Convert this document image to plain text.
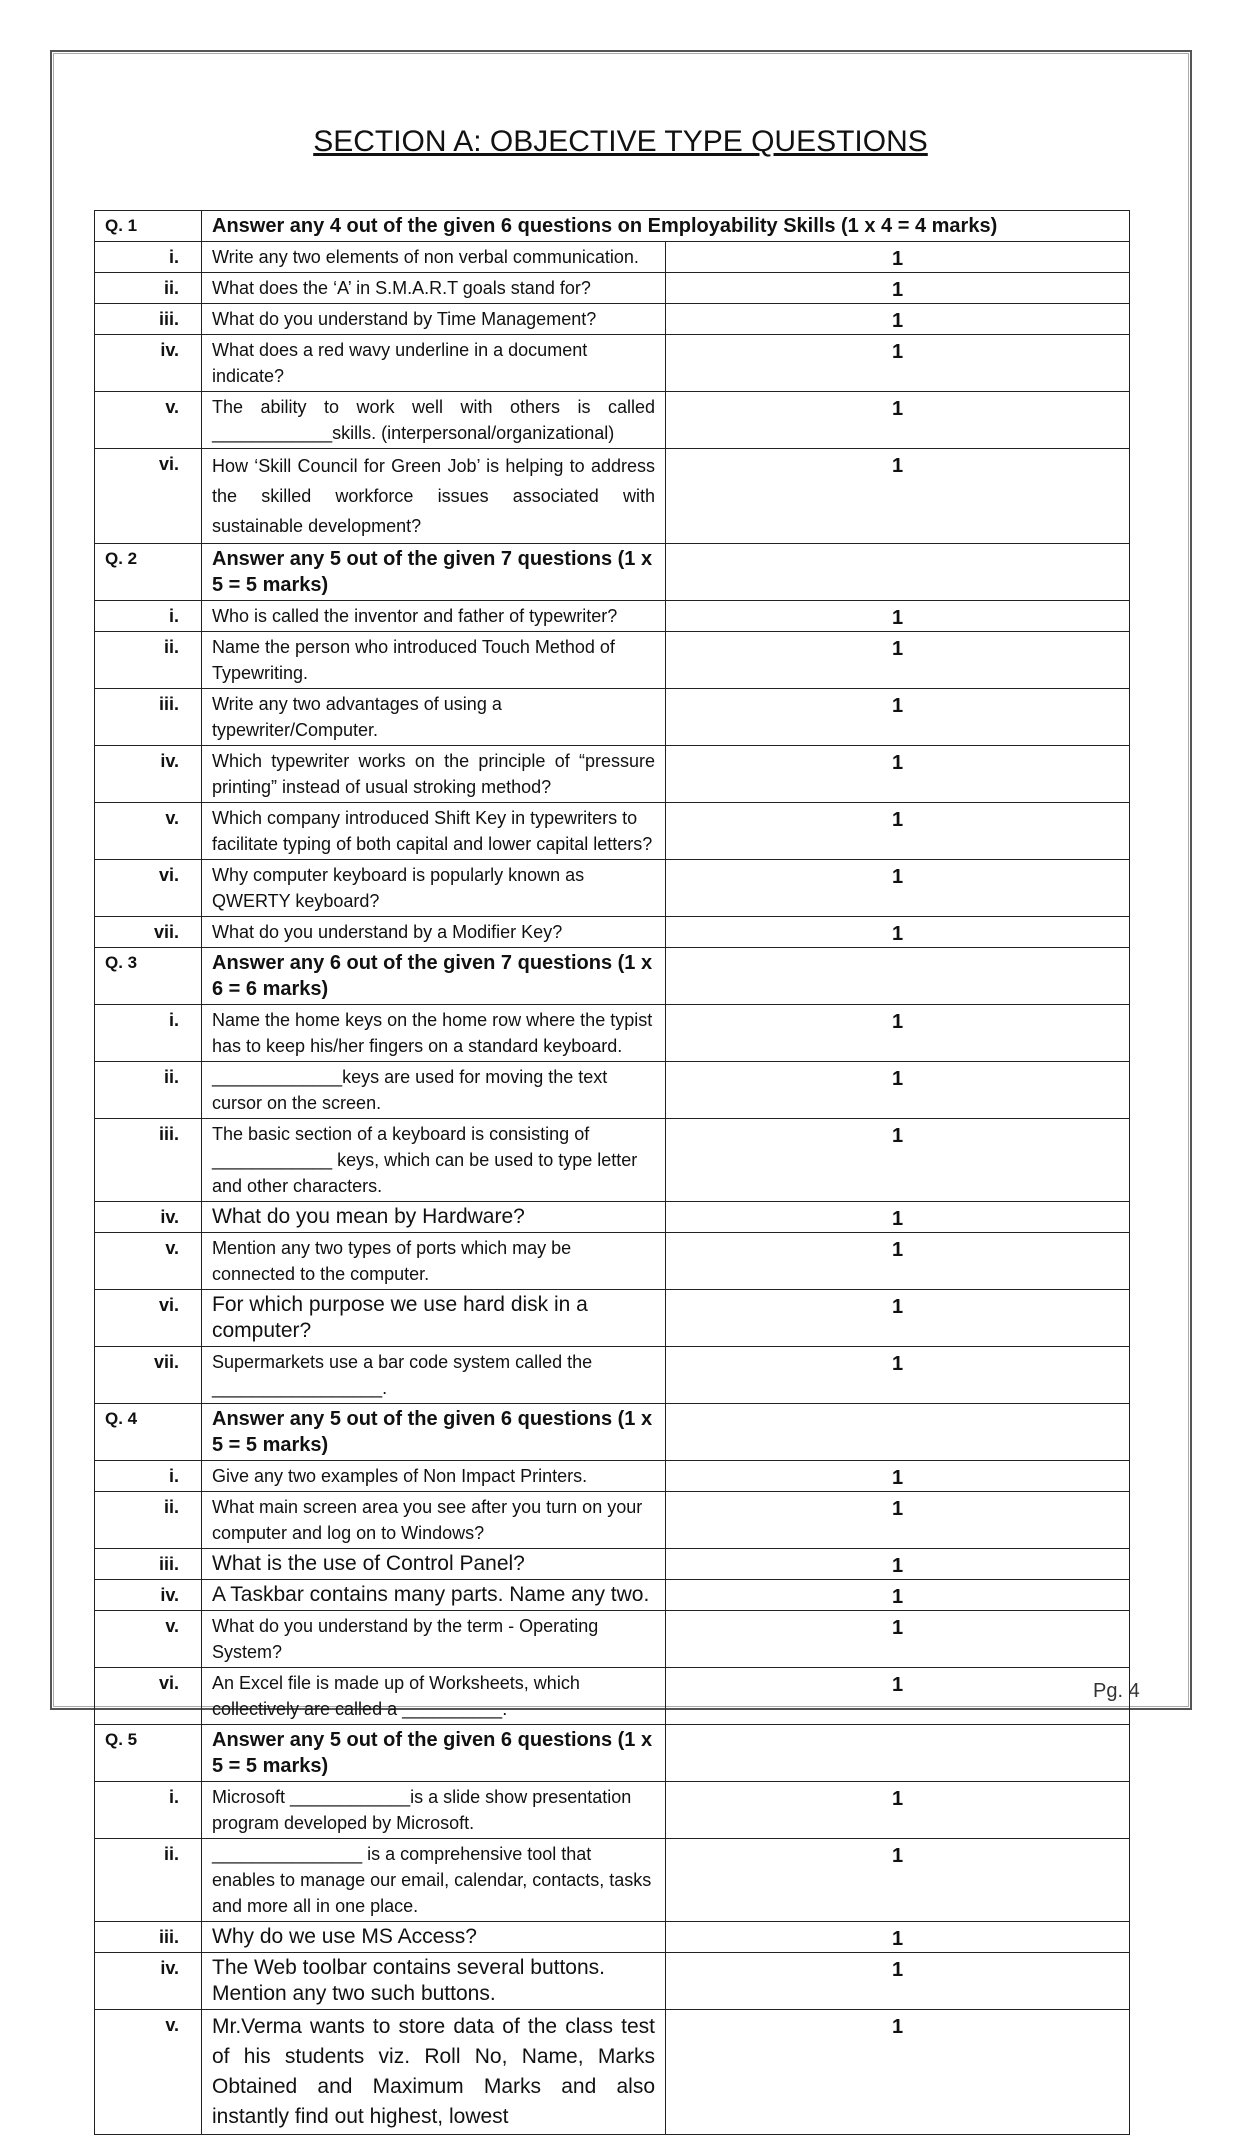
SECTION A: OBJECTIVE TYPE QUESTIONS
Q. 1	Answer any 4 out of the given 6 questions on Employability Skills (1 x 4 = 4 marks)	
i.	Write any two elements of non verbal communication.	1
ii.	What does the ‘A’ in S.M.A.R.T goals stand for?	1
iii.	What do you understand by Time Management?	1
iv.	What does a red wavy underline in a document indicate?	1
v.	The ability to work well with others is called ____________skills. (interpersonal/organizational)	1
vi.	How ‘Skill Council for Green Job’ is helping to address the skilled workforce issues associated with sustainable development?	1
Q. 2	Answer any 5 out of the given 7 questions (1 x 5 = 5 marks)	
i.	Who is called the inventor and father of typewriter?	1
ii.	Name the person who introduced Touch Method of Typewriting.	1
iii.	Write any two advantages of using a typewriter/Computer.	1
iv.	Which typewriter works on the principle of “pressure printing” instead of usual stroking method?	1
v.	Which company introduced Shift Key in typewriters to facilitate typing of both capital and lower capital letters?	1
vi.	Why computer keyboard is popularly known as QWERTY keyboard?	1
vii.	What do you understand by a Modifier Key?	1
Q. 3	Answer any 6 out of the given 7 questions (1 x 6 = 6 marks)	
i.	Name the home keys on the home row where the typist has to keep his/her fingers on a standard keyboard.	1
ii.	_____________keys are used for moving the text cursor on the screen.	1
iii.	The basic section of a keyboard is consisting of ____________ keys, which can be used to type letter and other characters.	1
iv.	What do you mean by Hardware?	1
v.	Mention any two types of ports which may be connected to the computer.	1
vi.	For which purpose we use hard disk in a computer?	1
vii.	Supermarkets use a bar code system called the _________________.	1
Q. 4	Answer any 5 out of the given 6 questions (1 x 5 = 5 marks)	
i.	Give any two examples of Non Impact Printers.	1
ii.	What main screen area you see after you turn on your computer and log on to Windows?	1
iii.	What is the use of Control Panel?	1
iv.	A Taskbar contains many parts. Name any two.	1
v.	What do you understand by the term - Operating System?	1
vi.	An Excel file is made up of Worksheets, which collectively are called a __________.	1
Q. 5	Answer any 5 out of the given 6 questions (1 x 5 = 5 marks)	
i.	Microsoft ____________is a slide show presentation program developed by Microsoft.	1
ii.	_______________ is a comprehensive tool that enables to manage our email, calendar, contacts, tasks and more all in one place.	1
iii.	Why do we use MS Access?	1
iv.	The Web toolbar contains several buttons. Mention any two such buttons.	1
v.	Mr.Verma wants to store data of the class test of his students viz. Roll No, Name, Marks Obtained and Maximum Marks and also instantly find out highest, lowest	1
Pg. 4
